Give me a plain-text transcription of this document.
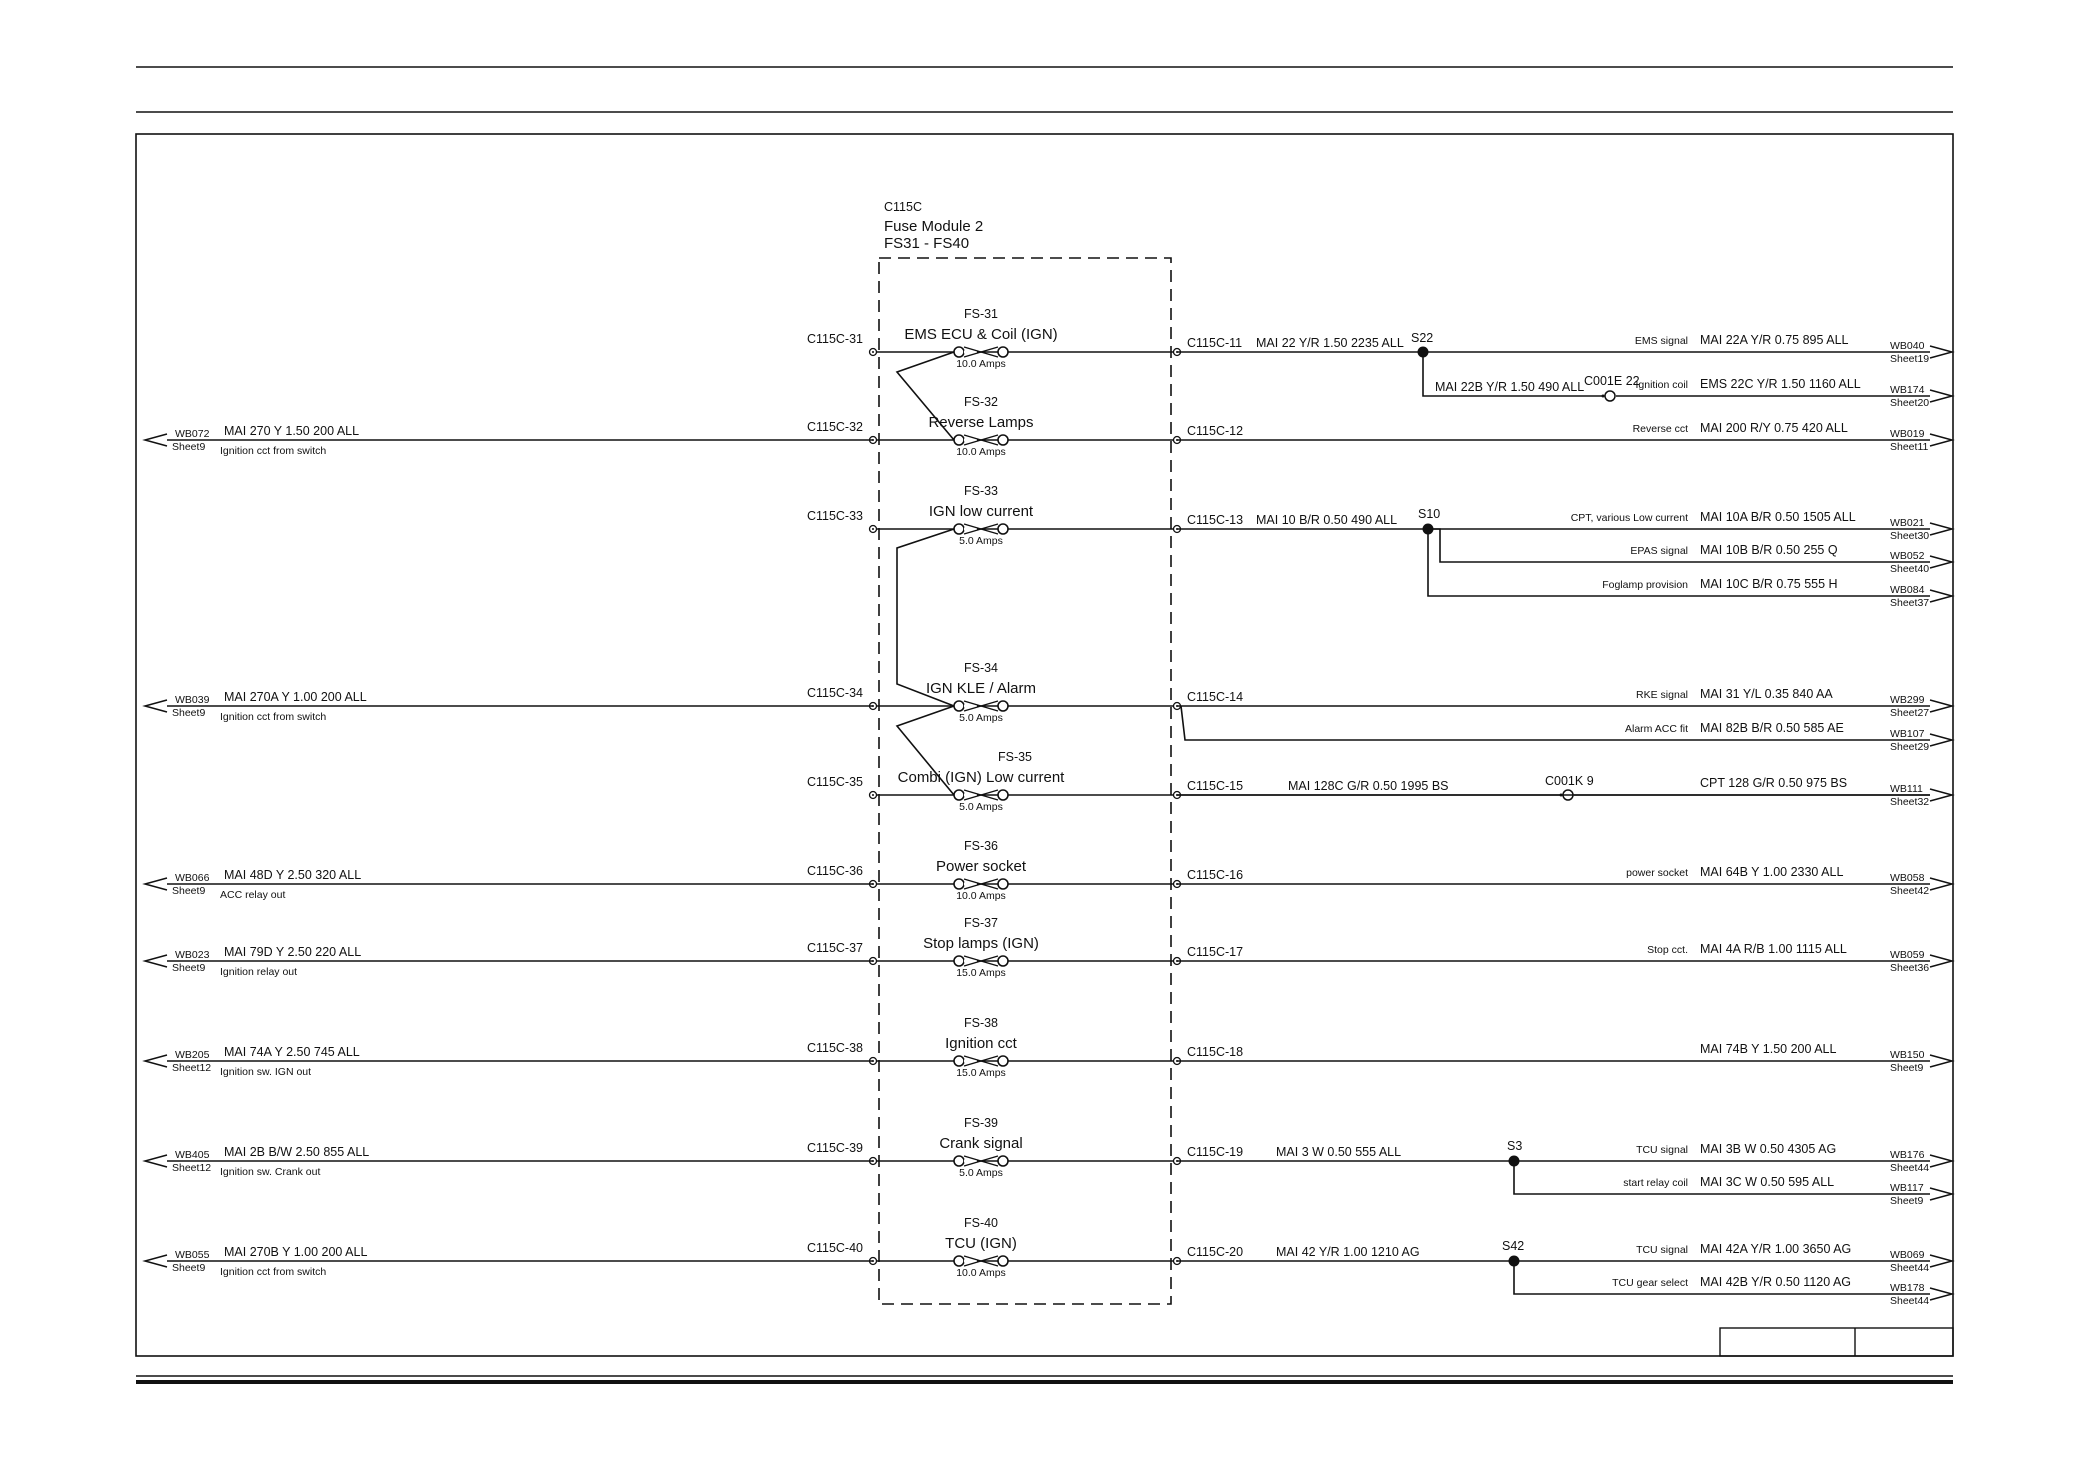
C115C
Fuse Module 2
FS31 - FS40
FS-31
EMS ECU & Coil (IGN)
10.0 Amps
C115C-31	C115C-11
FS-32
Reverse Lamps
10.0 Amps
C115C-32	C115C-12
FS-33
IGN low current
5.0 Amps
C115C-33	C115C-13
FS-34
IGN KLE / Alarm
5.0 Amps
C115C-34	C115C-14
FS-35
Combi (IGN) Low current
5.0 Amps
C115C-35	C115C-15
FS-36
Power socket
10.0 Amps
C115C-36	C115C-16
FS-37
Stop lamps (IGN)
15.0 Amps
C115C-37	C115C-17
FS-38
Ignition cct
15.0 Amps
C115C-38	C115C-18
FS-39
Crank signal
5.0 Amps
C115C-39	C115C-19
FS-40
TCU (IGN)
10.0 Amps
C115C-40	C115C-20
WB072
Sheet9
MAI 270 Y 1.50 200 ALL
Ignition cct from switch
WB039
Sheet9
MAI 270A Y 1.00 200 ALL
Ignition cct from switch
WB066
Sheet9
MAI 48D Y 2.50 320 ALL
ACC relay out
WB023
Sheet9
MAI 79D Y 2.50 220 ALL
Ignition relay out
WB205
Sheet12
MAI 74A Y 2.50 745 ALL
Ignition sw. IGN out
WB405
Sheet12
MAI 2B B/W 2.50 855 ALL
Ignition sw. Crank out
WB055
Sheet9
MAI 270B Y 1.00 200 ALL
Ignition cct from switch
S22
S10
S3
S42
C001E 22
C001K 9
MAI 22 Y/R 1.50 2235 ALL
MAI 22B Y/R 1.50 490 ALL
MAI 10 B/R 0.50 490 ALL
MAI 128C G/R 0.50 1995 BS
MAI 3 W 0.50 555 ALL
MAI 42 Y/R 1.00 1210 AG
WB040
Sheet19
MAI 22A Y/R 0.75 895 ALL
EMS signal
WB174
Sheet20
EMS 22C Y/R 1.50 1160 ALL
Ignition coil
WB019
Sheet11
MAI 200 R/Y 0.75 420 ALL
Reverse cct
WB021
Sheet30
MAI 10A B/R 0.50 1505 ALL
CPT, various Low current
WB052
Sheet40
MAI 10B B/R 0.50 255 Q
EPAS signal
WB084
Sheet37
MAI 10C B/R 0.75 555 H
Foglamp provision
WB299
Sheet27
MAI 31 Y/L 0.35 840 AA
RKE signal
WB107
Sheet29
MAI 82B B/R 0.50 585 AE
Alarm ACC fit
WB111
Sheet32
CPT 128 G/R 0.50 975 BS
WB058
Sheet42
MAI 64B Y 1.00 2330 ALL
power socket
WB059
Sheet36
MAI 4A R/B 1.00 1115 ALL
Stop cct.
WB150
Sheet9
MAI 74B Y 1.50 200 ALL
WB176
Sheet44
MAI 3B W 0.50 4305 AG
TCU signal
WB117
Sheet9
MAI 3C W 0.50 595 ALL
start relay coil
WB069
Sheet44
MAI 42A Y/R 1.00 3650 AG
TCU signal
WB178
Sheet44
MAI 42B Y/R 0.50 1120 AG
TCU gear select
